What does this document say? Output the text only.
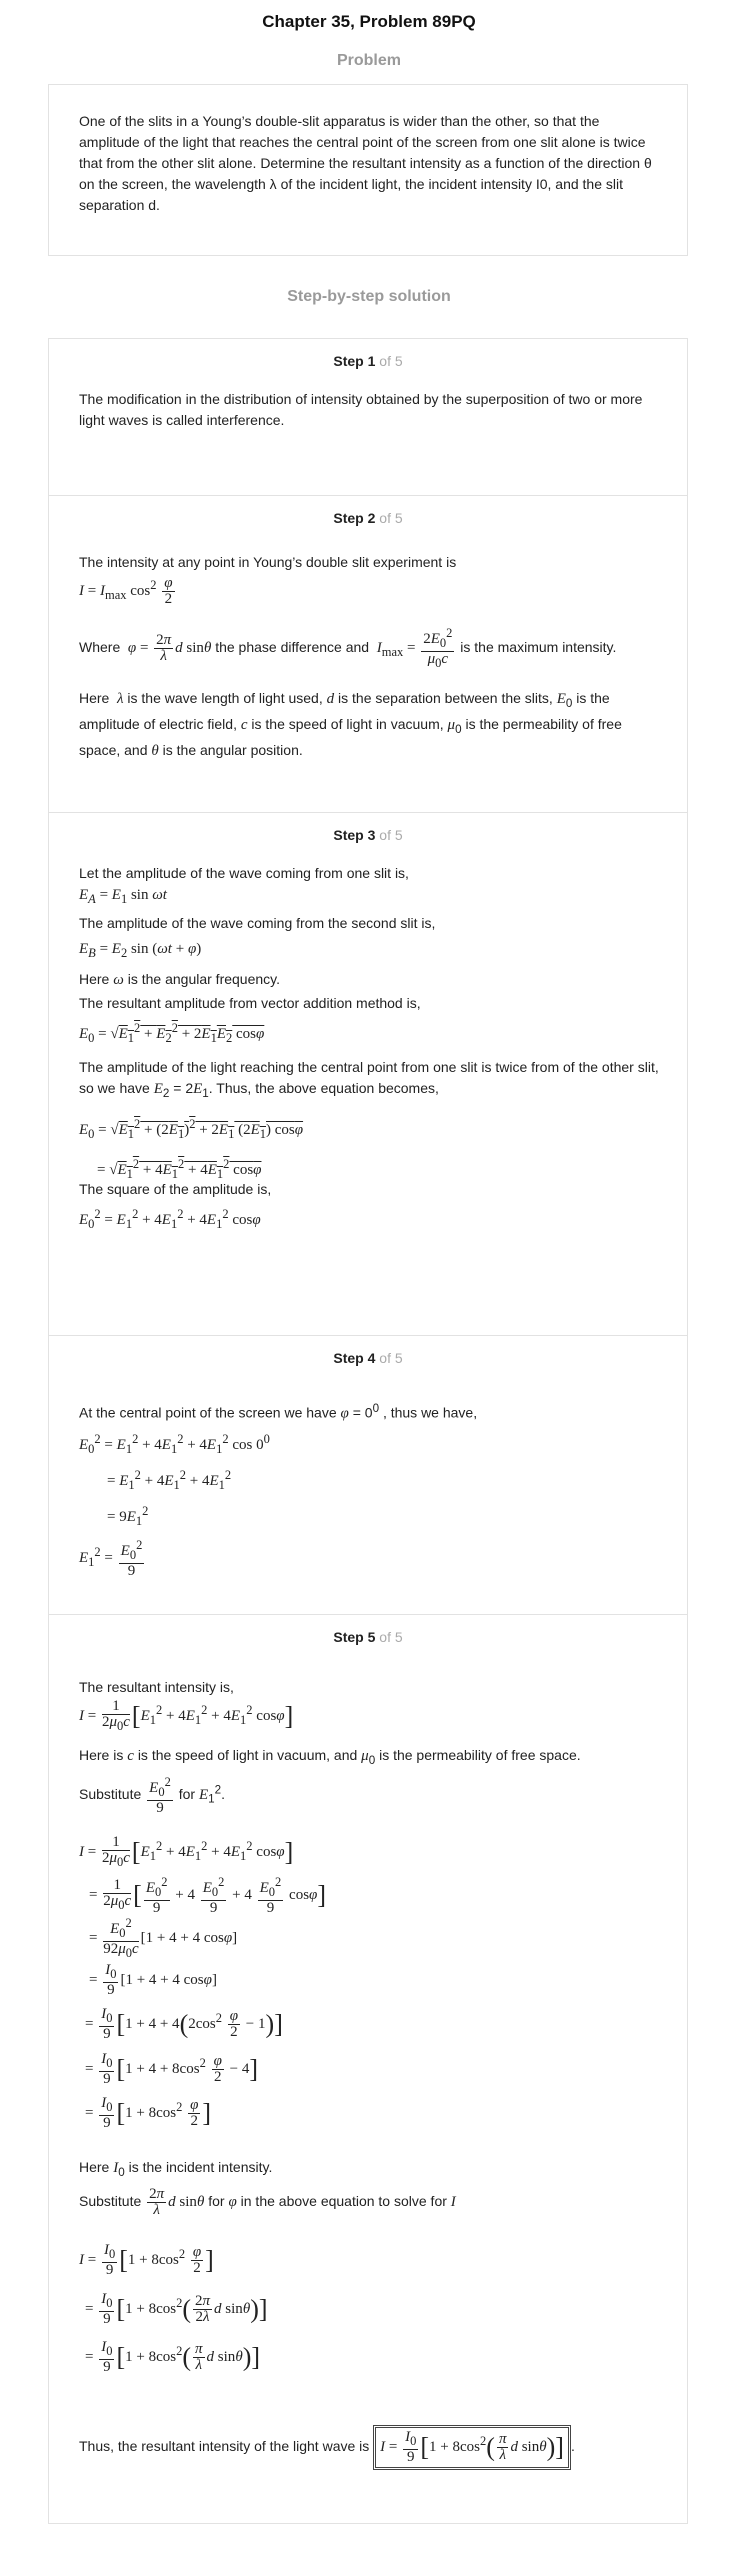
Chapter 35, Problem 89PQ
Problem

One of the slits in a Young’s double-slit apparatus is wider than the other, so that the amplitude of the light that reaches the central point of the screen from one slit alone is twice that from the other slit alone. Determine the resultant intensity as a function of the direction θ on the screen, the wavelength λ of the incident light, the incident intensity I0, and the slit separation d.

Step-by-step solution
Step 1 of 5

The modification in the distribution of intensity obtained by the superposition of two or more light waves is called interference.

Step 2 of 5

The intensity at any point in Young’s double slit experiment is

$I = I_{max}$ $\cos^2 \frac{\varphi}{2}$
Where $\varphi = \frac{2\pi}{\lambda}$ d sinθ the phase difference and $I_{max} = \frac{2E_0^2}{\mu_0c}$ is the maximum intensity.
Here  λ is the wave length of light used, d is the separation between the slits, $E_0$ is the amplitude of electric field, c is the speed of light in vacuum, $\mu_0$ is the permeability of free space, and θ is the angular position.
Step 3 of 5

Let the amplitude of the wave coming from one slit is,

$E_A = E_1$ sin ωt

The amplitude of the wave coming from the second slit is,

$E_B = E_2$ sin (ωt + φ)

Here ω is the angular frequency.

The resultant amplitude from vector addition method is,

$E_0 = √E_1^2 + E_2^2 + 2E_1E_2$ cosφ

The amplitude of the light reaching the central point from one slit is twice from of the other slit, so we have $E_2 = 2E_1$. Thus, the above equation becomes,

$E_0 = √E_1^2 + (2E_1)^2 + 2E_1$ $(2E_1)$ cosφ
= $√E_1^2 + 4E_1^2 + 4E_1^2$ cosφ

The square of the amplitude is,

$E_0^2 = E_1^2 + 4E_1^2 + 4E_1^2$ cosφ
Step 4 of 5

At the central point of the screen we have $\varphi = 0^0$ , thus we have,

$E_0^2 = E_1^2 + 4E_1^2 + 4E_1^2$ $\cos 0^0$
= $E_1^2 + 4E_1^2 + 4E_1^2$
= $9E_1^2$
$E_1^2 = \frac{E_0^2}{9}$
Step 5 of 5

The resultant intensity is,

$I = \frac{1}{2\mu_0c} [E_1^2 + 4E_1^2 + 4E_1^2$ cosφ]

Here is c is the speed of light in vacuum, and $\mu_0$ is the permeability of free space.

Substitute $\frac{E_0^2}{9}$ for $E_1^2$.

$I = \frac{1}{2\mu_0c} [E_1^2 + 4E_1^2 + 4E_1^2$ cosφ]
= $\frac{1}{2\mu_0c}$ [ $\frac{E_0^2}{9} + 4 \frac{E_0^2}{9} + 4 \frac{E_0^2}{9} \cos\varphi$]
= $\frac{E_0^2}{92\mu_0c} [1 + 4 + 4$ cosφ]
= $\frac{I_0}{9} [1 + 4 + 4$ cosφ]
= $\frac{I_0}{9} [1 + 4 + 4(2\cos^2 \frac{\varphi}{2} - 1)]$
= $\frac{I_0}{9} [1 + 4 + 8\cos^2 \frac{\varphi}{2} - 4]$
= $\frac{I_0}{9} [1 + 8\cos^2 \frac{\varphi}{2}$ ]

Here $I_0$ is the incident intensity.

Substitute $\frac{2\pi}{\lambda}$ d sinθ for φ in the above equation to solve for I

$I = \frac{I_0}{9} [1 + 8\cos^2 \frac{\varphi}{2}$ ]
= $\frac{I_0}{9} [1 + 8\cos^2( \frac{2\pi}{2\lambda}$ d sinθ)]
= $\frac{I_0}{9} [1 + 8\cos^2( \frac{\pi}{\lambda}$ d sinθ)]
Thus, the resultant intensity of the light wave is $I = \frac{I_0}{9} [1 + 8\cos^2( \frac{\pi}{\lambda}$ d sinθ)] .
